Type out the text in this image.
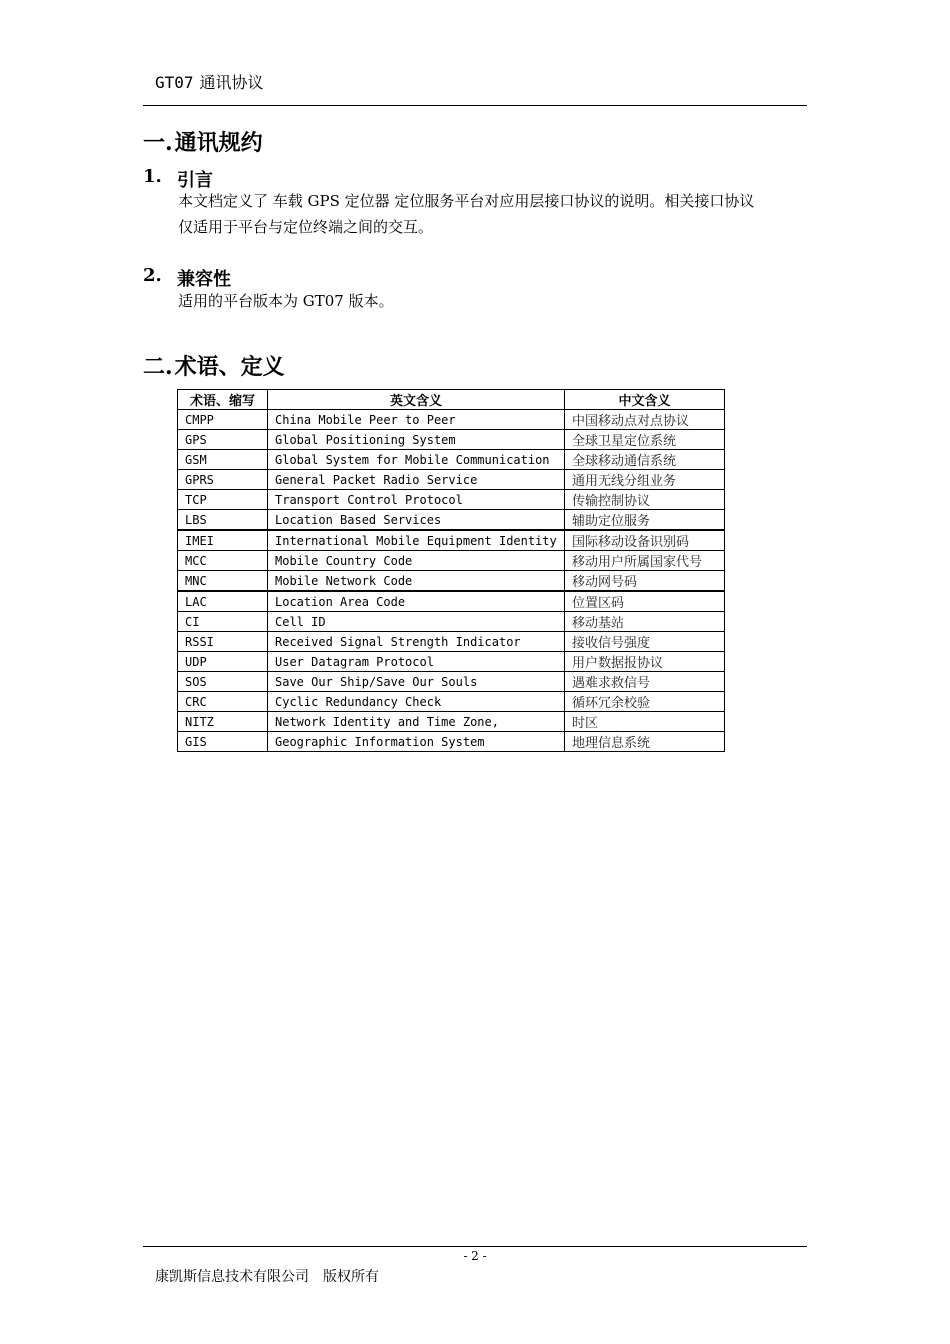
GT07 通讯协议
一. 通讯规约
1. 引言
本文档定义了 车载 GPS 定位器 定位服务平台对应用层接口协议的说明。相关接口协议
仅适用于平台与定位终端之间的交互。
2. 兼容性
适用的平台版本为 GT07 版本。
二. 术语、定义
术语、缩写	英文含义	中文含义
CMPP	China Mobile Peer to Peer	中国移动点对点协议
GPS	Global Positioning System	全球卫星定位系统
GSM	Global System for Mobile Communication	全球移动通信系统
GPRS	General Packet Radio Service	通用无线分组业务
TCP	Transport Control Protocol	传输控制协议
LBS	Location Based Services	辅助定位服务
IMEI	International Mobile Equipment Identity	国际移动设备识别码
MCC	Mobile Country Code	移动用户所属国家代号
MNC	Mobile Network Code	移动网号码
LAC	Location Area Code	位置区码
CI	Cell ID	移动基站
RSSI	Received Signal Strength Indicator	接收信号强度
UDP	User Datagram Protocol	用户数据报协议
SOS	Save Our Ship/Save Our Souls	遇难求救信号
CRC	Cyclic Redundancy Check	循环冗余校验
NITZ	Network Identity and Time Zone,	时区
GIS	Geographic Information System	地理信息系统
- 2 -
康凯斯信息技术有限公司 版权所有
